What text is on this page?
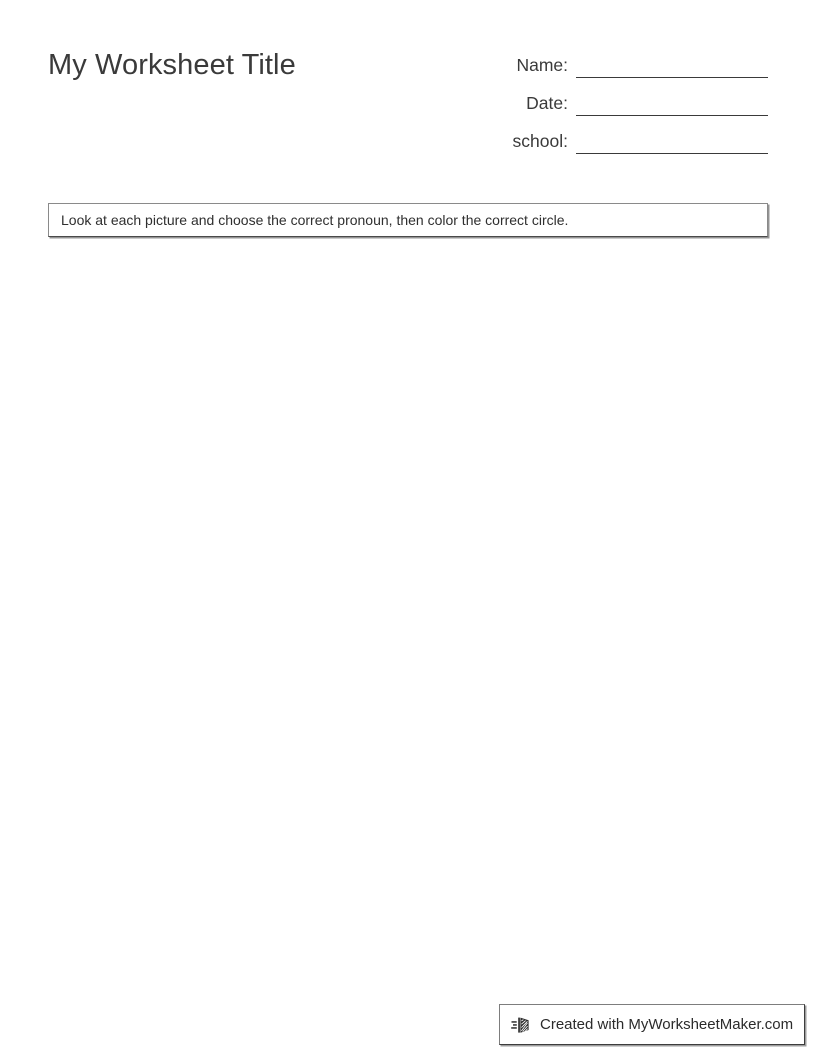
My Worksheet Title	Name:
Date:
school:
Look at each picture and choose the correct pronoun, then color the correct circle.
Created with MyWorksheetMaker.com
